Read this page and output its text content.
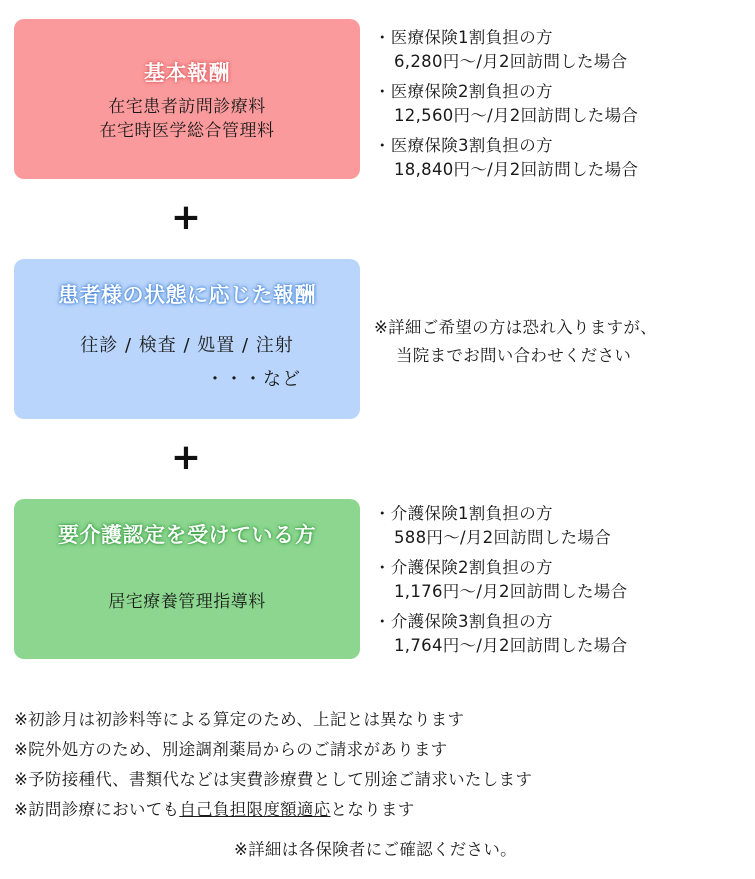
基本報酬
在宅患者訪問診療料
在宅時医学総合管理料
・医療保険1割負担の方
6,280円～/月2回訪問した場合
・医療保険2割負担の方
12,560円～/月2回訪問した場合
・医療保険3割負担の方
18,840円～/月2回訪問した場合
+
患者様の状態に応じた報酬
往診 / 検査 / 処置 / 注射
・・・など
※詳細ご希望の方は恐れ入りますが、
当院までお問い合わせください
+
要介護認定を受けている方
居宅療養管理指導料
・介護保険1割負担の方
588円～/月2回訪問した場合
・介護保険2割負担の方
1,176円～/月2回訪問した場合
・介護保険3割負担の方
1,764円～/月2回訪問した場合
※初診月は初診料等による算定のため、上記とは異なります
※院外処方のため、別途調剤薬局からのご請求があります
※予防接種代、書類代などは実費診療費として別途ご請求いたします
※訪問診療においても自己負担限度額適応となります
※詳細は各保険者にご確認ください。
